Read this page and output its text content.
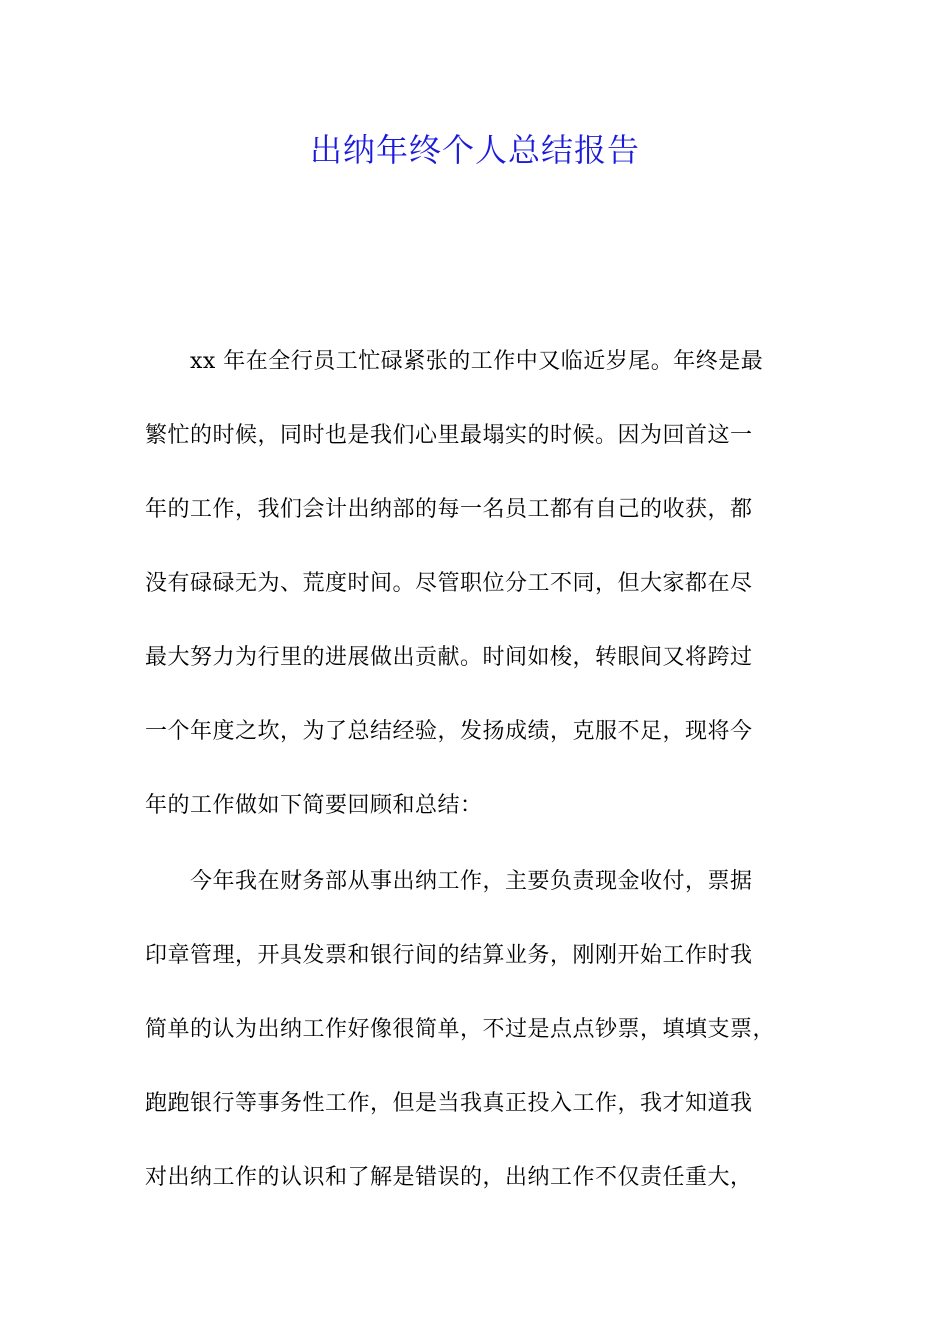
出纳年终个人总结报告
　　xx 年在全行员工忙碌紧张的工作中又临近岁尾。年终是最
繁忙的时候，同时也是我们心里最塌实的时候。因为回首这一
年的工作，我们会计出纳部的每一名员工都有自己的收获，都
没有碌碌无为、荒度时间。尽管职位分工不同，但大家都在尽
最大努力为行里的进展做出贡献。时间如梭，转眼间又将跨过
一个年度之坎，为了总结经验，发扬成绩，克服不足，现将今
年的工作做如下简要回顾和总结：
　　今年我在财务部从事出纳工作，主要负责现金收付，票据
印章管理，开具发票和银行间的结算业务，刚刚开始工作时我
简单的认为出纳工作好像很简单，不过是点点钞票，填填支票，
跑跑银行等事务性工作，但是当我真正投入工作，我才知道我
对出纳工作的认识和了解是错误的，出纳工作不仅责任重大，
